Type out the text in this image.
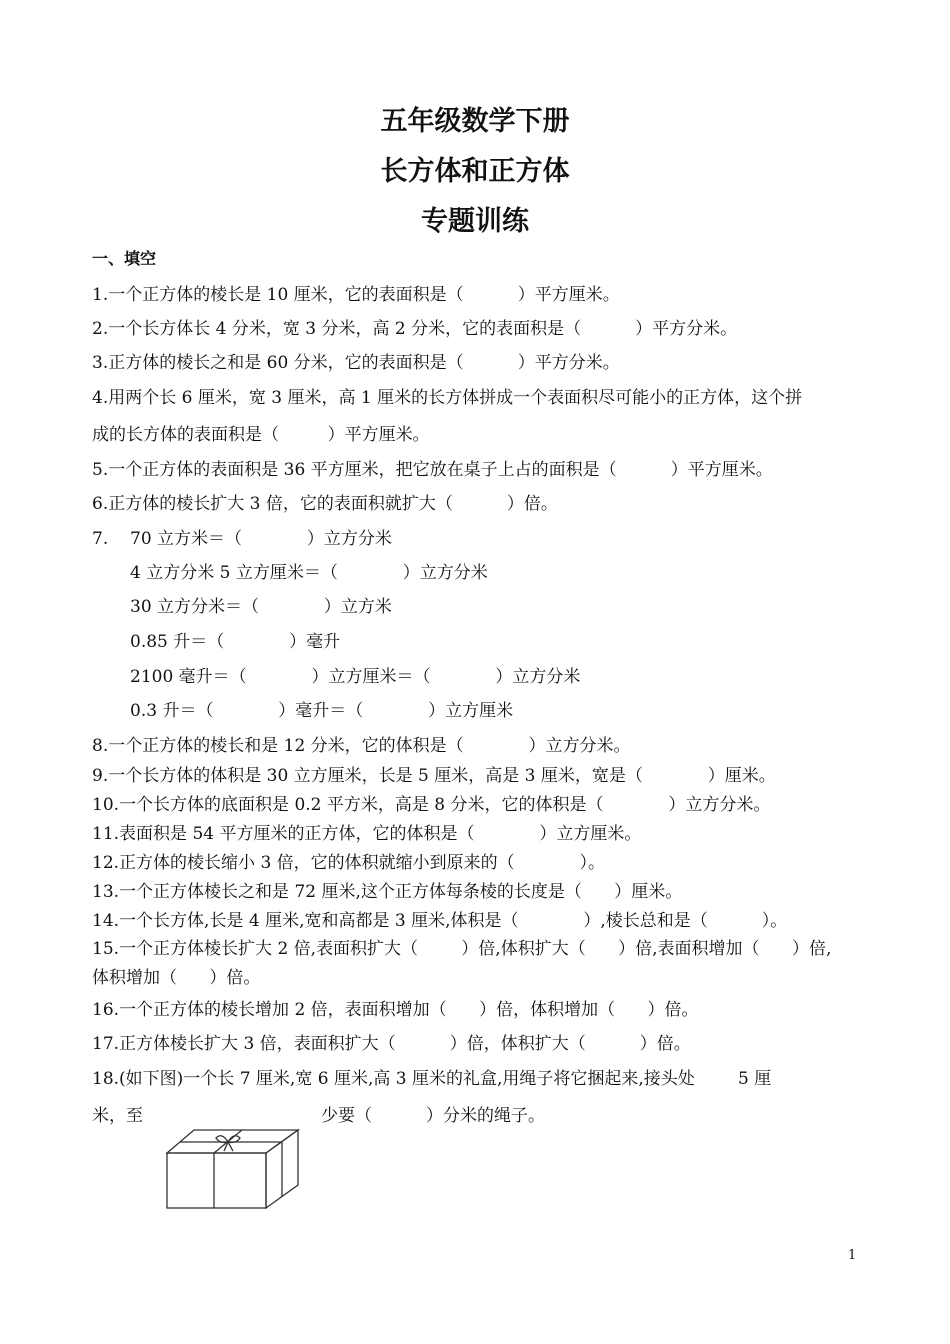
五年级数学下册
长方体和正方体
专题训练
一、填空
1.一个正方体的棱长是 10 厘米，它的表面积是（          ）平方厘米。
2.一个长方体长 4 分米，宽 3 分米，高 2 分米，它的表面积是（          ）平方分米。
3.正方体的棱长之和是 60 分米，它的表面积是（          ）平方分米。
4.用两个长 6 厘米，宽 3 厘米，高 1 厘米的长方体拼成一个表面积尽可能小的正方体，这个拼
成的长方体的表面积是（         ）平方厘米。
5.一个正方体的表面积是 36 平方厘米，把它放在桌子上占的面积是（          ）平方厘米。
6.正方体的棱长扩大 3 倍，它的表面积就扩大（          ）倍。
7. 70 立方米＝（            ）立方分米
4 立方分米 5 立方厘米＝（            ）立方分米
30 立方分米＝（            ）立方米
0.85 升＝（            ）毫升
2100 毫升＝（            ）立方厘米＝（            ）立方分米
0.3 升＝（            ）毫升＝（            ）立方厘米
8.一个正方体的棱长和是 12 分米，它的体积是（            ）立方分米。
9.一个长方体的体积是 30 立方厘米，长是 5 厘米，高是 3 厘米，宽是（            ）厘米。
10.一个长方体的底面积是 0.2 平方米，高是 8 分米，它的体积是（            ）立方分米。
11.表面积是 54 平方厘米的正方体，它的体积是（            ）立方厘米。
12.正方体的棱长缩小 3 倍，它的体积就缩小到原来的（            ）。
13.一个正方体棱长之和是 72 厘米,这个正方体每条棱的长度是（      ）厘米。
14.一个长方体,长是 4 厘米,宽和高都是 3 厘米,体积是（            ）,棱长总和是（          ）。
15.一个正方体棱长扩大 2 倍,表面积扩大（        ）倍,体积扩大（      ）倍,表面积增加（      ）倍,
体积增加（      ）倍。
16.一个正方体的棱长增加 2 倍，表面积增加（      ）倍，体积增加（      ）倍。
17.正方体棱长扩大 3 倍，表面积扩大（          ）倍，体积扩大（          ）倍。
18.(如下图)一个长 7 厘米,宽 6 厘米,高 3 厘米的礼盒,用绳子将它捆起来,接头处        5 厘
米，至	少要（          ）分米的绳子。
1
